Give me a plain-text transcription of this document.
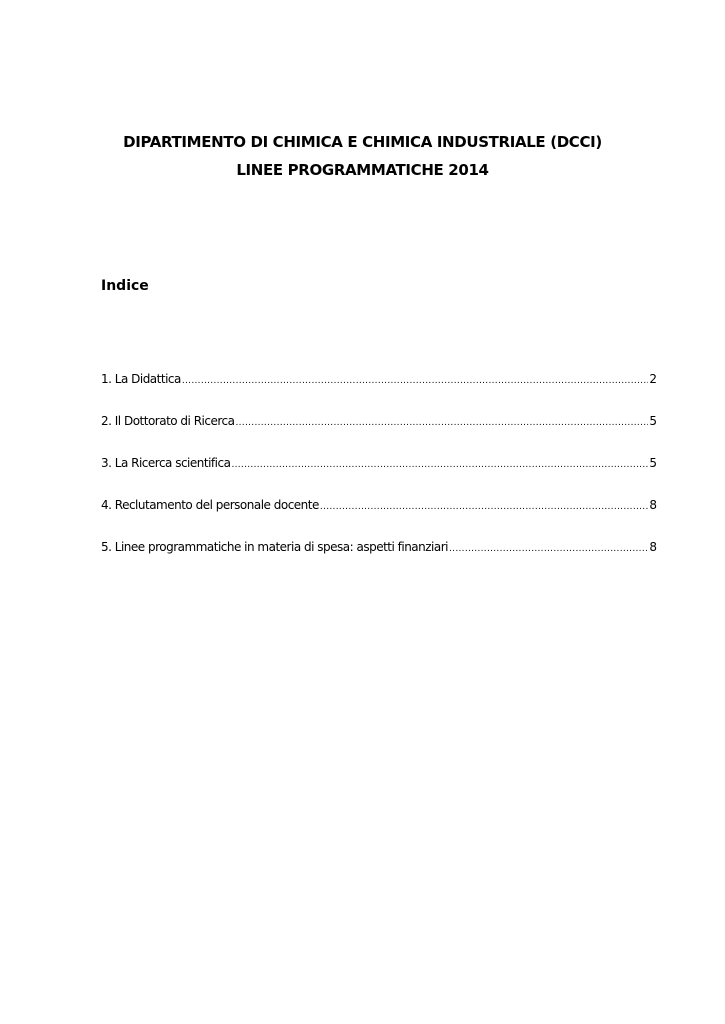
DIPARTIMENTO DI CHIMICA E CHIMICA INDUSTRIALE (DCCI)

LINEE PROGRAMMATICHE 2014

Indice

1. La Didattica .....	2
2. Il Dottorato di Ricerca .....	5
3. La Ricerca scientifica .....	5
4. Reclutamento del personale docente .....	8
5. Linee programmatiche in materia di spesa: aspetti finanziari .....	8
